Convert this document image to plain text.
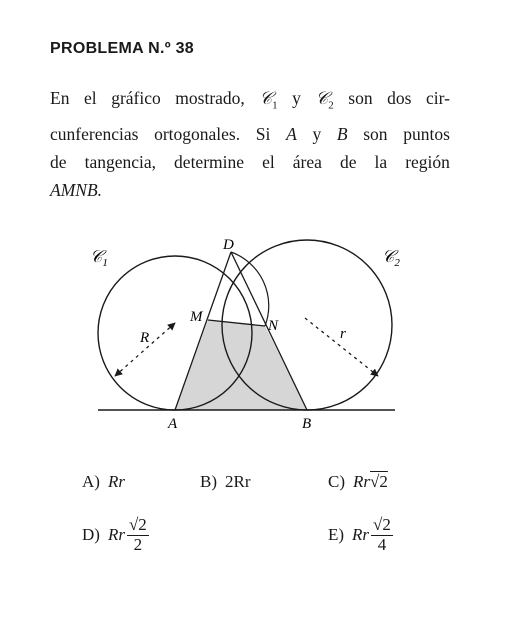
PROBLEMA N.º 38
En el gráfico mostrado, 𝒞$_1$ y 𝒞$_2$ son dos cir-
cunferencias ortogonales. Si A y B son puntos
de tangencia, determine el área de la región
AMNB.
𝒞$_1$	𝒞$_2$
D
M
N
A	B
R	r
A) Rr	B) 2Rr	C) Rr √2
D) Rr $\frac{√2}{2}$	E) Rr $\frac{√2}{4}$
